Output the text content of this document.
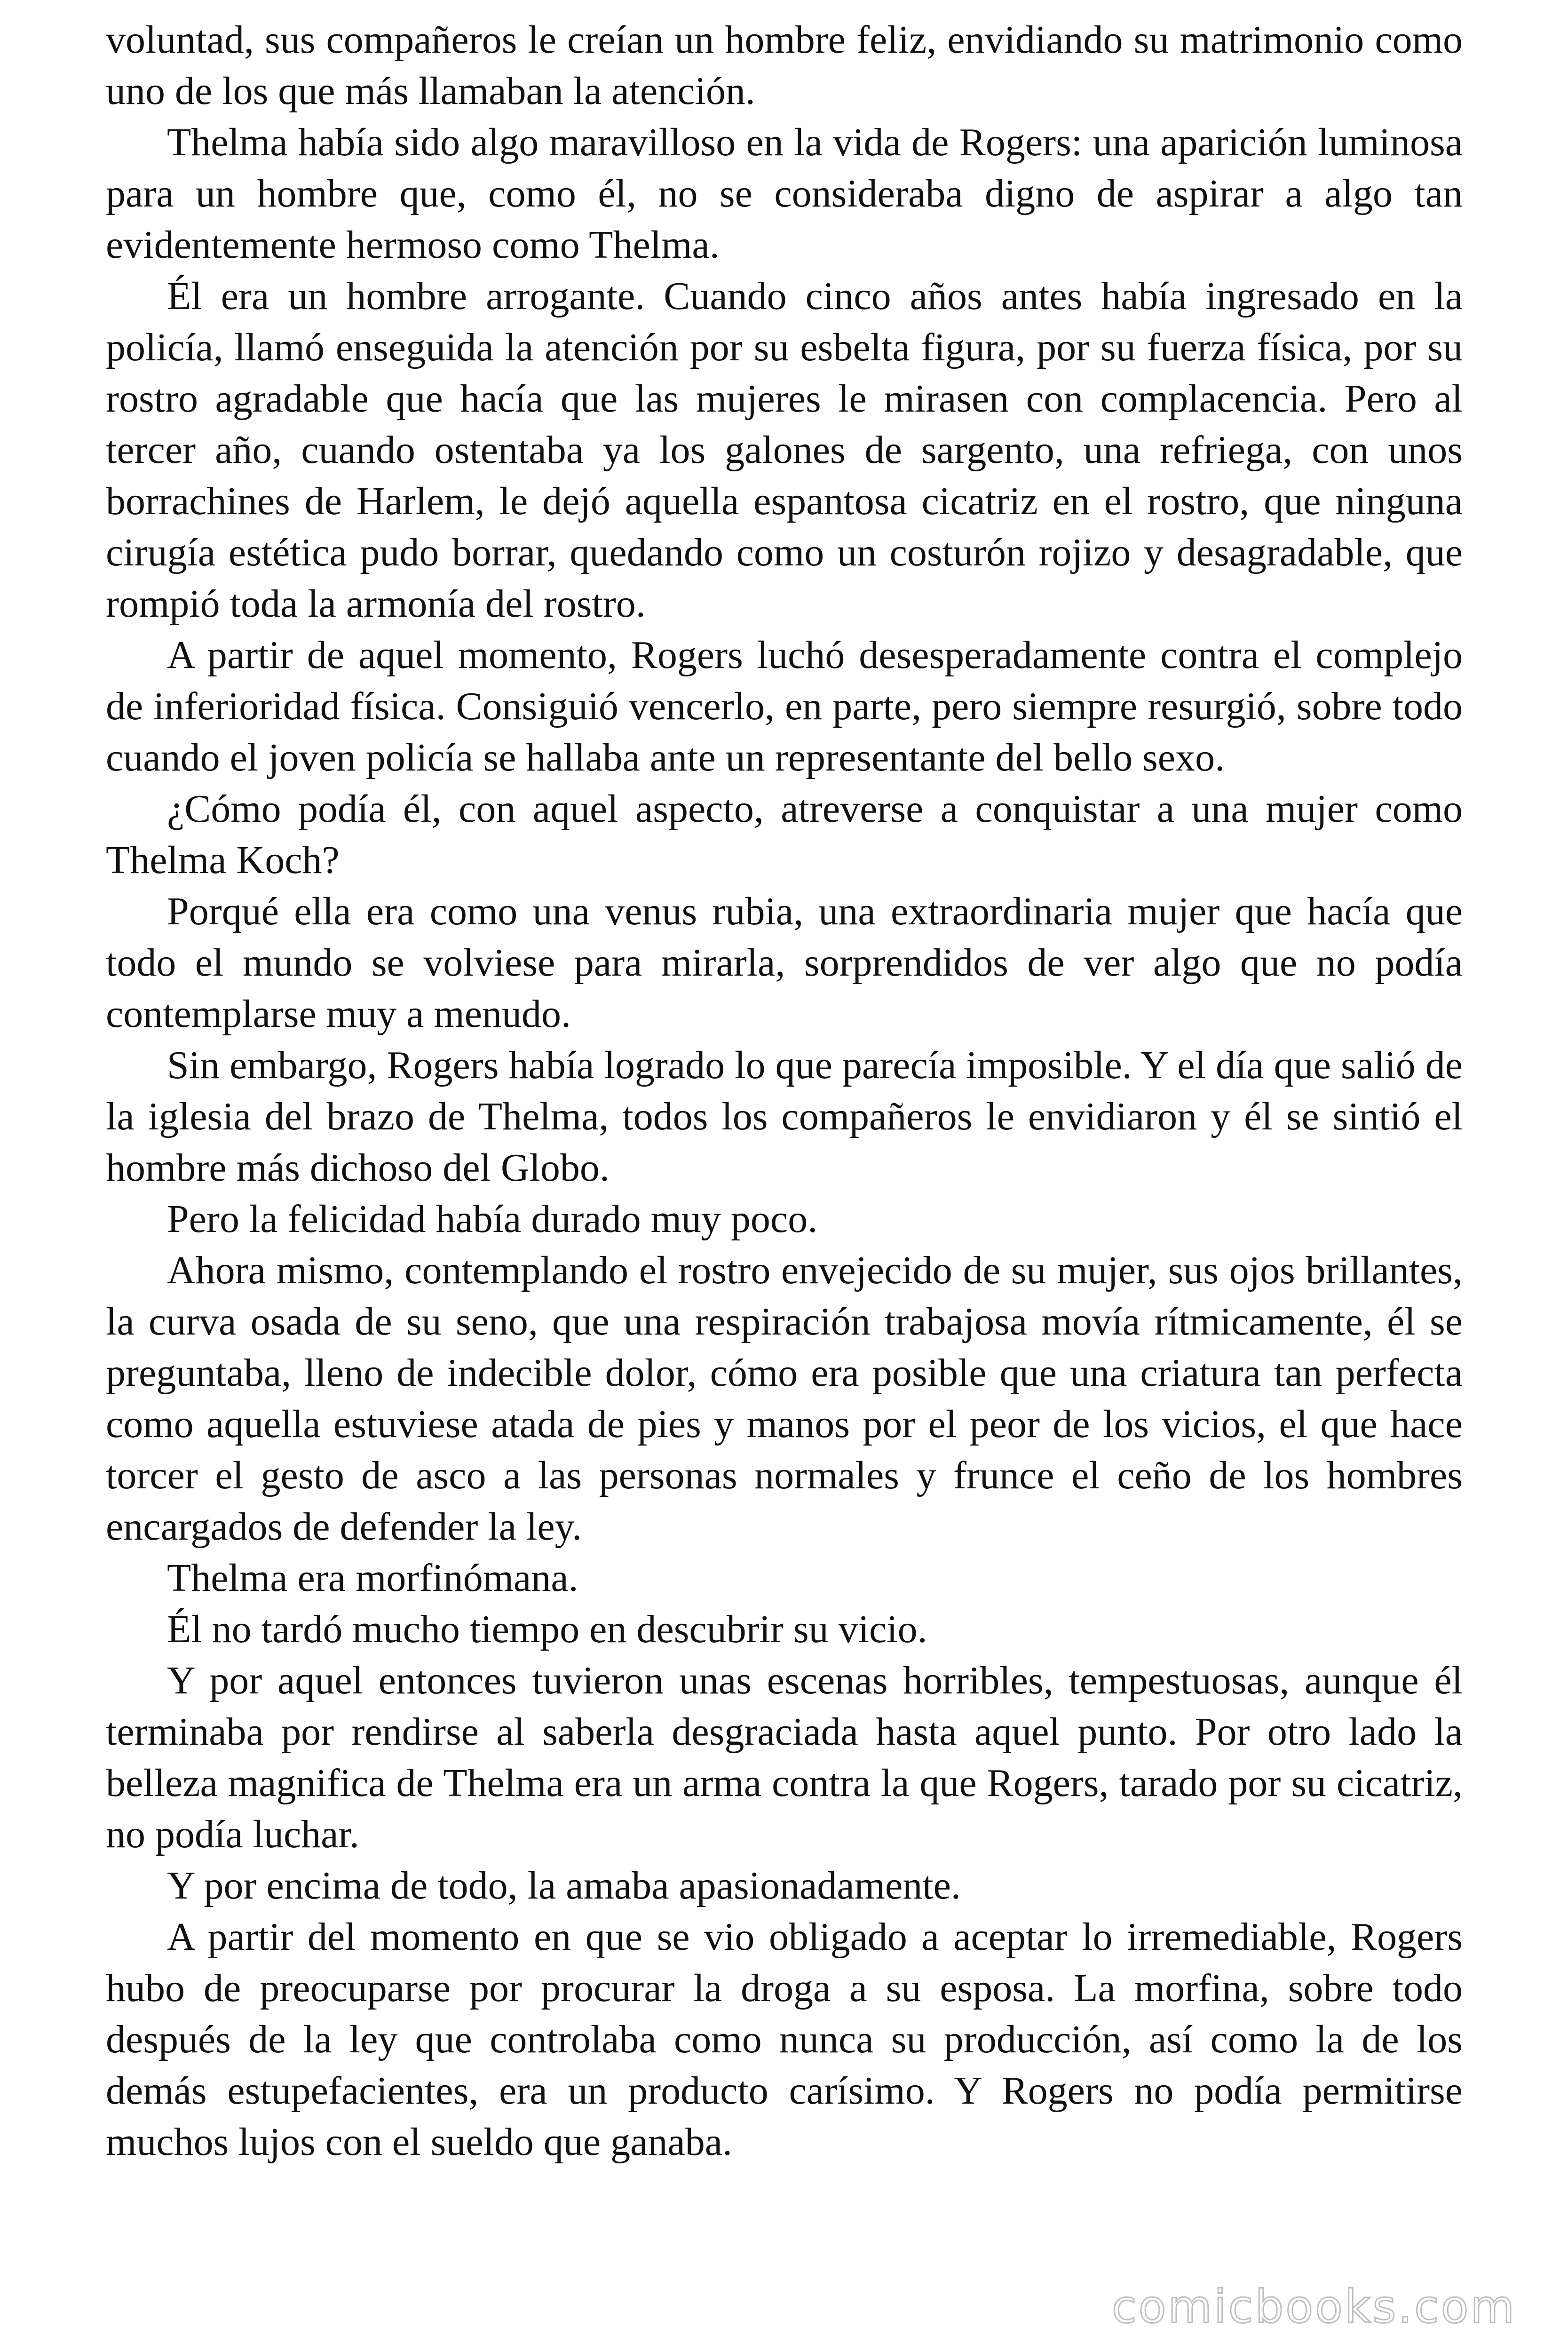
voluntad, sus compañeros le creían un hombre feliz, envidiando su matrimonio como uno de los que más llamaban la atención.

Thelma había sido algo maravilloso en la vida de Rogers: una aparición luminosa para un hombre que, como él, no se consideraba digno de aspirar a algo tan evidentemente hermoso como Thelma.

Él era un hombre arrogante. Cuando cinco años antes había ingresado en la policía, llamó enseguida la atención por su esbelta figura, por su fuerza física, por su rostro agradable que hacía que las mujeres le mirasen con complacencia. Pero al tercer año, cuando ostentaba ya los galones de sargento, una refriega, con unos borrachines de Harlem, le dejó aquella espantosa cicatriz en el rostro, que ninguna cirugía estética pudo borrar, quedando como un costurón rojizo y desagradable, que rompió toda la armonía del rostro.

A partir de aquel momento, Rogers luchó desesperadamente contra el complejo de inferioridad física. Consiguió vencerlo, en parte, pero siempre resurgió, sobre todo cuando el joven policía se hallaba ante un representante del bello sexo.

¿Cómo podía él, con aquel aspecto, atreverse a conquistar a una mujer como Thelma Koch?

Porqué ella era como una venus rubia, una extraordinaria mujer que hacía que todo el mundo se volviese para mirarla, sorprendidos de ver algo que no podía contemplarse muy a menudo.

Sin embargo, Rogers había logrado lo que parecía imposible. Y el día que salió de la iglesia del brazo de Thelma, todos los compañeros le envidiaron y él se sintió el hombre más dichoso del Globo.

Pero la felicidad había durado muy poco.

Ahora mismo, contemplando el rostro envejecido de su mujer, sus ojos brillantes, la curva osada de su seno, que una respiración trabajosa movía rítmicamente, él se preguntaba, lleno de indecible dolor, cómo era posible que una criatura tan perfecta como aquella estuviese atada de pies y manos por el peor de los vicios, el que hace torcer el gesto de asco a las personas normales y frunce el ceño de los hombres encargados de defender la ley.

Thelma era morfinómana.

Él no tardó mucho tiempo en descubrir su vicio.

Y por aquel entonces tuvieron unas escenas horribles, tempestuosas, aunque él terminaba por rendirse al saberla desgraciada hasta aquel punto. Por otro lado la belleza magnifica de Thelma era un arma contra la que Rogers, tarado por su cicatriz, no podía luchar.

Y por encima de todo, la amaba apasionadamente.

A partir del momento en que se vio obligado a aceptar lo irremediable, Rogers hubo de preocuparse por procurar la droga a su esposa. La morfina, sobre todo después de la ley que controlaba como nunca su producción, así como la de los demás estupefacientes, era un producto carísimo. Y Rogers no podía permitirse muchos lujos con el sueldo que ganaba.

comicbooks.com
